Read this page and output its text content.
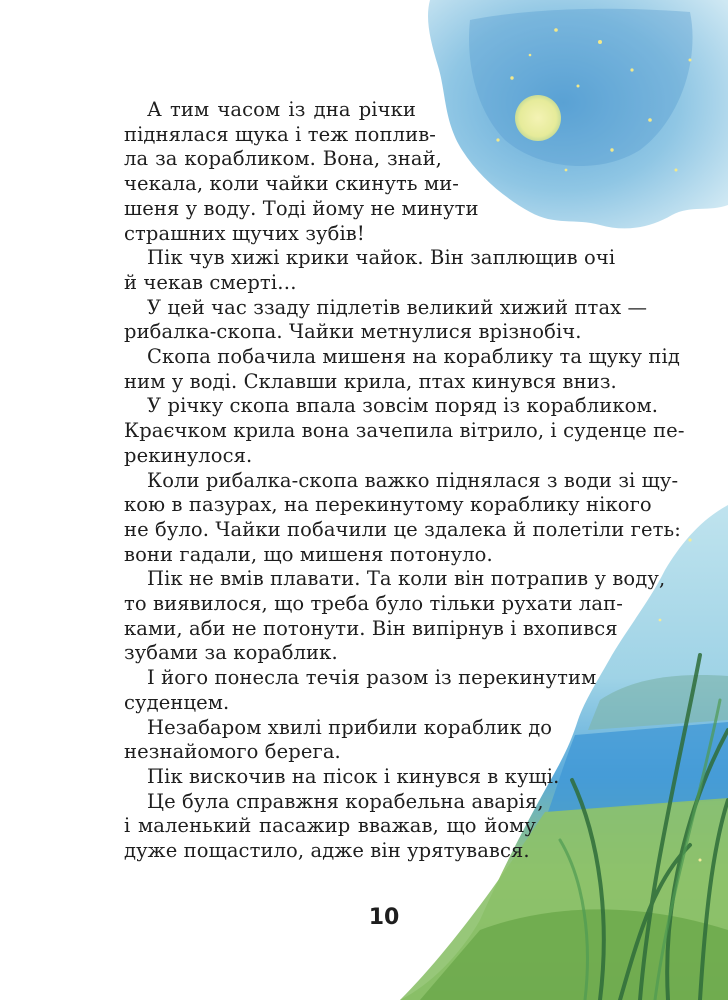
А тим часом із дна річки

піднялася щука і теж поплив-

ла за корабликом. Вона, знай,

чекала, коли чайки скинуть ми-

шеня у воду. Тоді йому не минути

страшних щучих зубів!

Пік чув хижі крики чайок. Він заплющив очі

й чекав смерті…

У цей час ззаду підлетів великий хижий птах —

рибалка-скопа. Чайки метнулися врізнобіч.

Скопа побачила мишеня на кораблику та щуку під

ним у воді. Склавши крила, птах кинувся вниз.

У річку скопа впала зовсім поряд із корабликом.

Краєчком крила вона зачепила вітрило, і суденце пе-

рекинулося.

Коли рибалка-скопа важко піднялася з води зі щу-

кою в пазурах, на перекинутому кораблику нікого

не було. Чайки побачили це здалека й полетіли геть:

вони гадали, що мишеня потонуло.

Пік не вмів плавати. Та коли він потрапив у воду,

то виявилося, що треба було тільки рухати лап-

ками, аби не потонути. Він випірнув і вхопився

зубами за кораблик.

І його понесла течія разом із перекинутим

суденцем.

Незабаром хвилі прибили кораблик до

незнайомого берега.

Пік вискочив на пісок і кинувся в кущі.

Це була справжня корабельна аварія,

і маленький пасажир вважав, що йому

дуже пощастило, адже він урятувався.

10
